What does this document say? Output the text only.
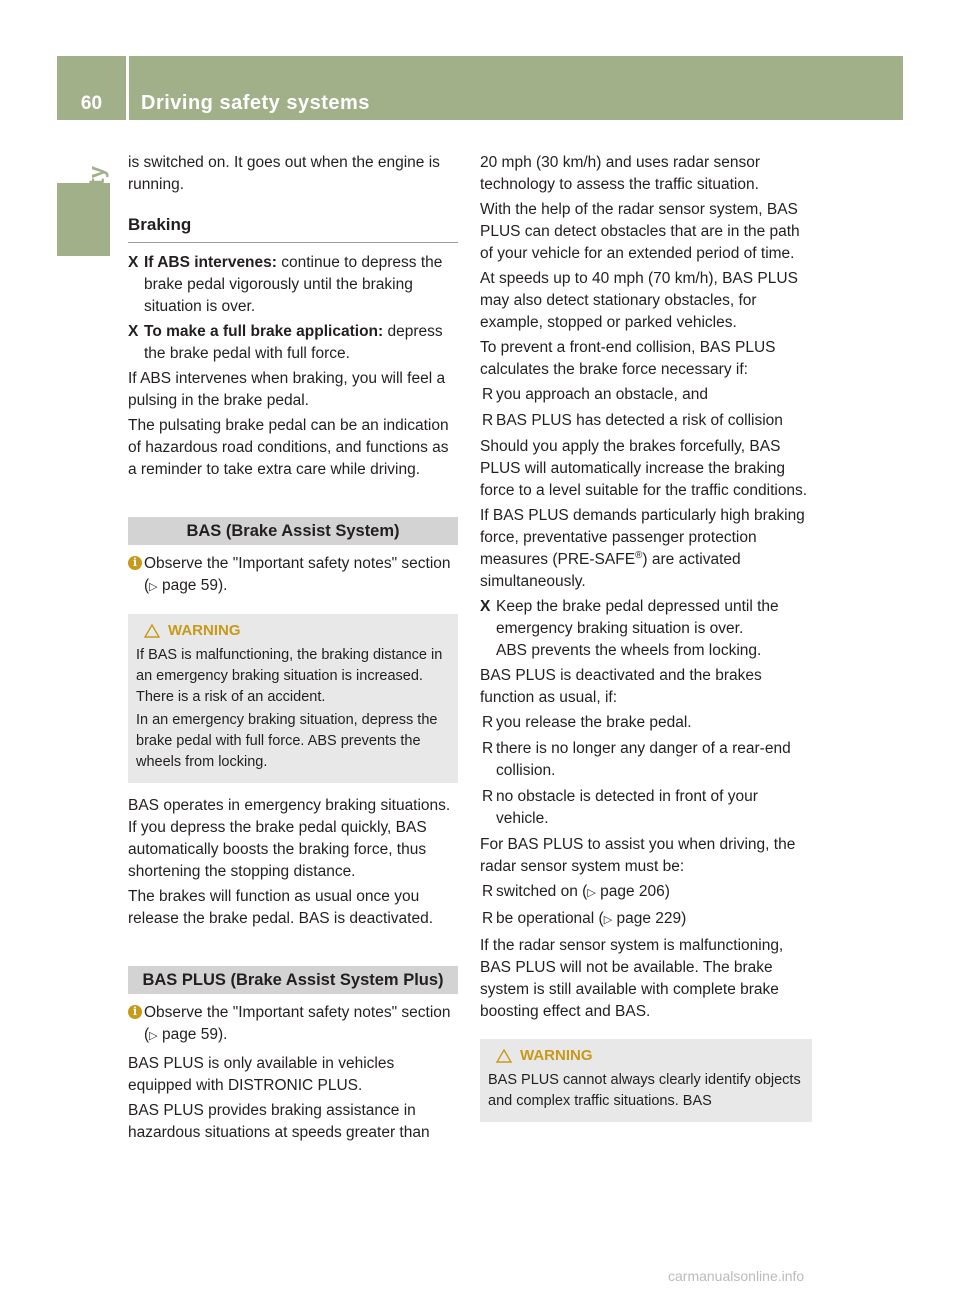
60	Driving safety systems
Safety

is switched on. It goes out when the engine is running.

Braking
X If ABS intervenes: continue to depress the brake pedal vigorously until the braking situation is over.
X To make a full brake application: depress the brake pedal with full force.

If ABS intervenes when braking, you will feel a pulsing in the brake pedal.

The pulsating brake pedal can be an indication of hazardous road conditions, and functions as a reminder to take extra care while driving.

BAS (Brake Assist System)
i Observe the "Important safety notes" section (▷ page 59).
WARNING

If BAS is malfunctioning, the braking distance in an emergency braking situation is increased. There is a risk of an accident.

In an emergency braking situation, depress the brake pedal with full force. ABS prevents the wheels from locking.

BAS operates in emergency braking situations. If you depress the brake pedal quickly, BAS automatically boosts the braking force, thus shortening the stopping distance.

The brakes will function as usual once you release the brake pedal. BAS is deactivated.

BAS PLUS (Brake Assist System Plus)
i Observe the "Important safety notes" section (▷ page 59).

BAS PLUS is only available in vehicles equipped with DISTRONIC PLUS.

BAS PLUS provides braking assistance in hazardous situations at speeds greater than

20 mph (30 km/h) and uses radar sensor technology to assess the traffic situation.

With the help of the radar sensor system, BAS PLUS can detect obstacles that are in the path of your vehicle for an extended period of time.

At speeds up to 40 mph (70 km/h), BAS PLUS may also detect stationary obstacles, for example, stopped or parked vehicles.

To prevent a front-end collision, BAS PLUS calculates the brake force necessary if:

R you approach an obstacle, and
R BAS PLUS has detected a risk of collision

Should you apply the brakes forcefully, BAS PLUS will automatically increase the braking force to a level suitable for the traffic conditions.

If BAS PLUS demands particularly high braking force, preventative passenger protection measures (PRE-SAFE®) are activated simultaneously.

X Keep the brake pedal depressed until the emergency braking situation is over.
ABS prevents the wheels from locking.

BAS PLUS is deactivated and the brakes function as usual, if:

R you release the brake pedal.
R there is no longer any danger of a rear-end collision.
R no obstacle is detected in front of your vehicle.

For BAS PLUS to assist you when driving, the radar sensor system must be:

R switched on (▷ page 206)
R be operational (▷ page 229)

If the radar sensor system is malfunctioning, BAS PLUS will not be available. The brake system is still available with complete brake boosting effect and BAS.

WARNING

BAS PLUS cannot always clearly identify objects and complex traffic situations. BAS

carmanualsonline.info
